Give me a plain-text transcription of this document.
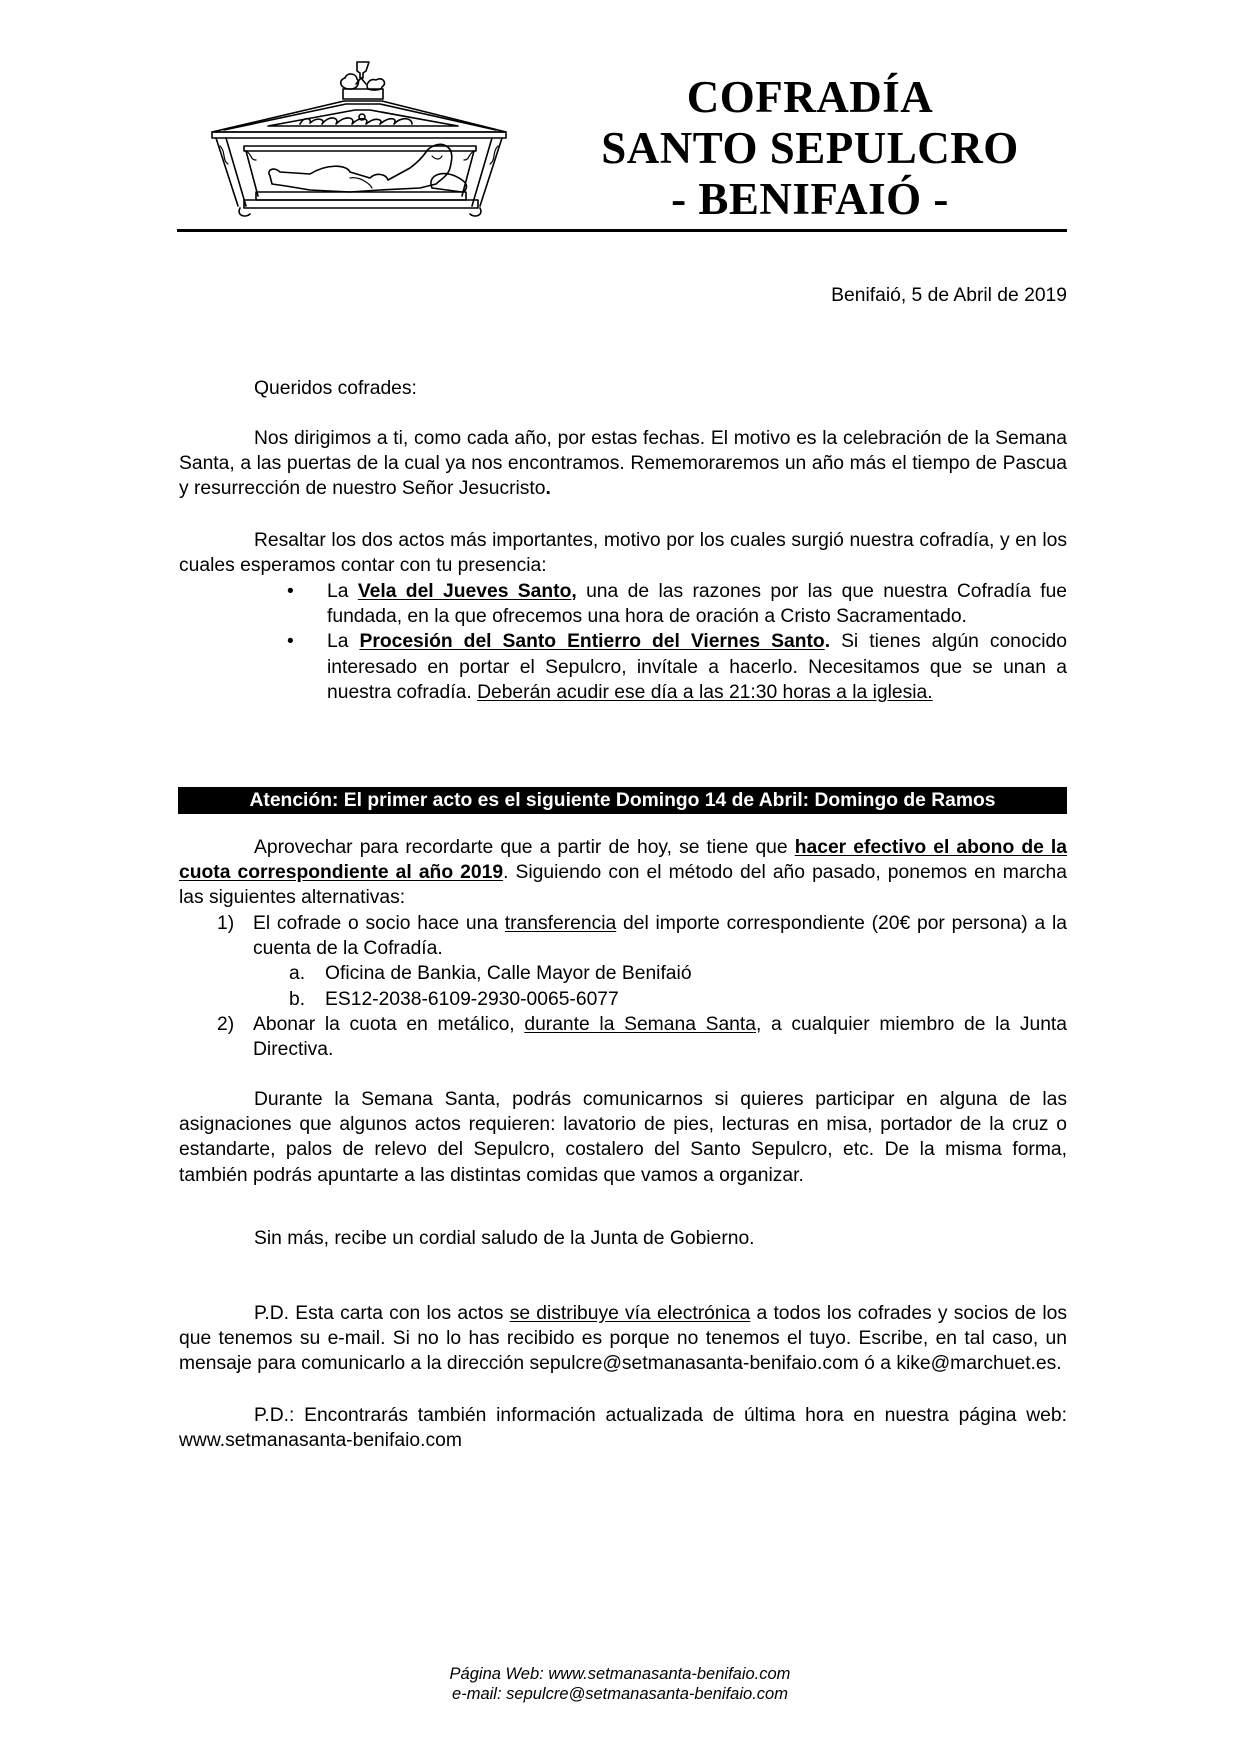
COFRADÍA
SANTO SEPULCRO
- BENIFAIÓ -
Benifaió, 5 de Abril de 2019
Queridos cofrades:
Nos dirigimos a ti, como cada año, por estas fechas. El motivo es la celebración de la Semana Santa, a las puertas de la cual ya nos encontramos. Rememoraremos un año más el tiempo de Pascua y resurrección de nuestro Señor Jesucristo.
Resaltar los dos actos más importantes, motivo por los cuales surgió nuestra cofradía, y en los cuales esperamos contar con tu presencia:
• La Vela del Jueves Santo, una de las razones por las que nuestra Cofradía fue fundada, en la que ofrecemos una hora de oración a Cristo Sacramentado.
• La Procesión del Santo Entierro del Viernes Santo. Si tienes algún conocido interesado en portar el Sepulcro, invítale a hacerlo. Necesitamos que se unan a nuestra cofradía. Deberán acudir ese día a las 21:30 horas a la iglesia.
Atención: El primer acto es el siguiente Domingo 14 de Abril: Domingo de Ramos
Aprovechar para recordarte que a partir de hoy, se tiene que hacer efectivo el abono de la cuota correspondiente al año 2019. Siguiendo con el método del año pasado, ponemos en marcha las siguientes alternativas:
1) El cofrade o socio hace una transferencia del importe correspondiente (20€ por persona) a la cuenta de la Cofradía.
a. Oficina de Bankia, Calle Mayor de Benifaió
b. ES12-2038-6109-2930-0065-6077
2) Abonar la cuota en metálico, durante la Semana Santa, a cualquier miembro de la Junta Directiva.
Durante la Semana Santa, podrás comunicarnos si quieres participar en alguna de las asignaciones que algunos actos requieren: lavatorio de pies, lecturas en misa, portador de la cruz o estandarte, palos de relevo del Sepulcro, costalero del Santo Sepulcro, etc. De la misma forma, también podrás apuntarte a las distintas comidas que vamos a organizar.
Sin más, recibe un cordial saludo de la Junta de Gobierno.
P.D. Esta carta con los actos se distribuye vía electrónica a todos los cofrades y socios de los que tenemos su e-mail. Si no lo has recibido es porque no tenemos el tuyo. Escribe, en tal caso, un mensaje para comunicarlo a la dirección sepulcre@setmanasanta-benifaio.com ó a kike@marchuet.es.
P.D.: Encontrarás también información actualizada de última hora en nuestra página web: www.setmanasanta-benifaio.com
Página Web: www.setmanasanta-benifaio.com
e-mail: sepulcre@setmanasanta-benifaio.com
